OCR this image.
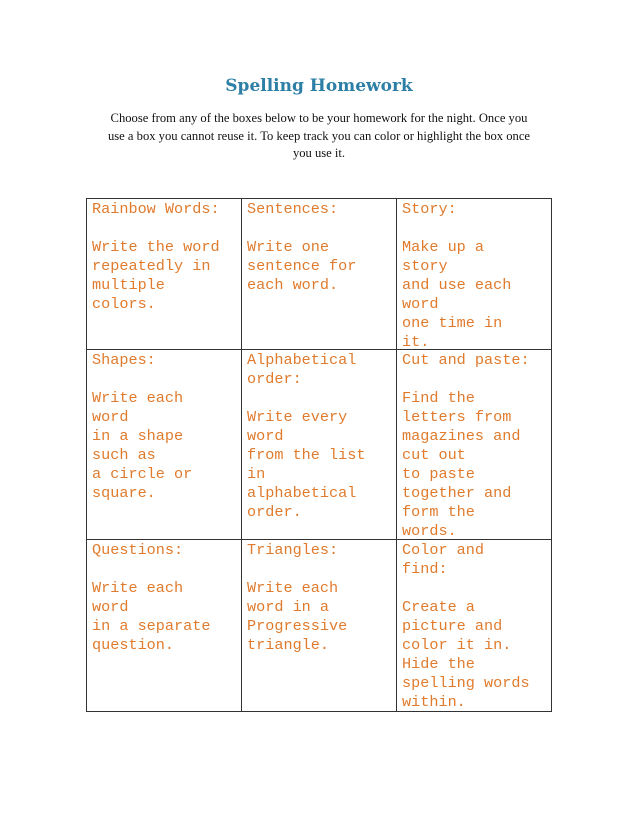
Spelling Homework
Choose from any of the boxes below to be your homework for the night. Once you
use a box you cannot reuse it. To keep track you can color or highlight the box once
you use it.
Rainbow Words:

Write the word
repeatedly in
multiple
colors.
Sentences:

Write one
sentence for
each word.
Story:

Make up a
story
and use each
word
one time in
it.
Shapes:

Write each
word
in a shape
such as
a circle or
square.
Alphabetical
order:

Write every
word
from the list
in
alphabetical
order.
Cut and paste:

Find the
letters from
magazines and
cut out
to paste
together and
form the
words.
Questions:

Write each
word
in a separate
question.
Triangles:

Write each
word in a
Progressive
triangle.
Color and
find:

Create a
picture and
color it in.
Hide the
spelling words
within.
